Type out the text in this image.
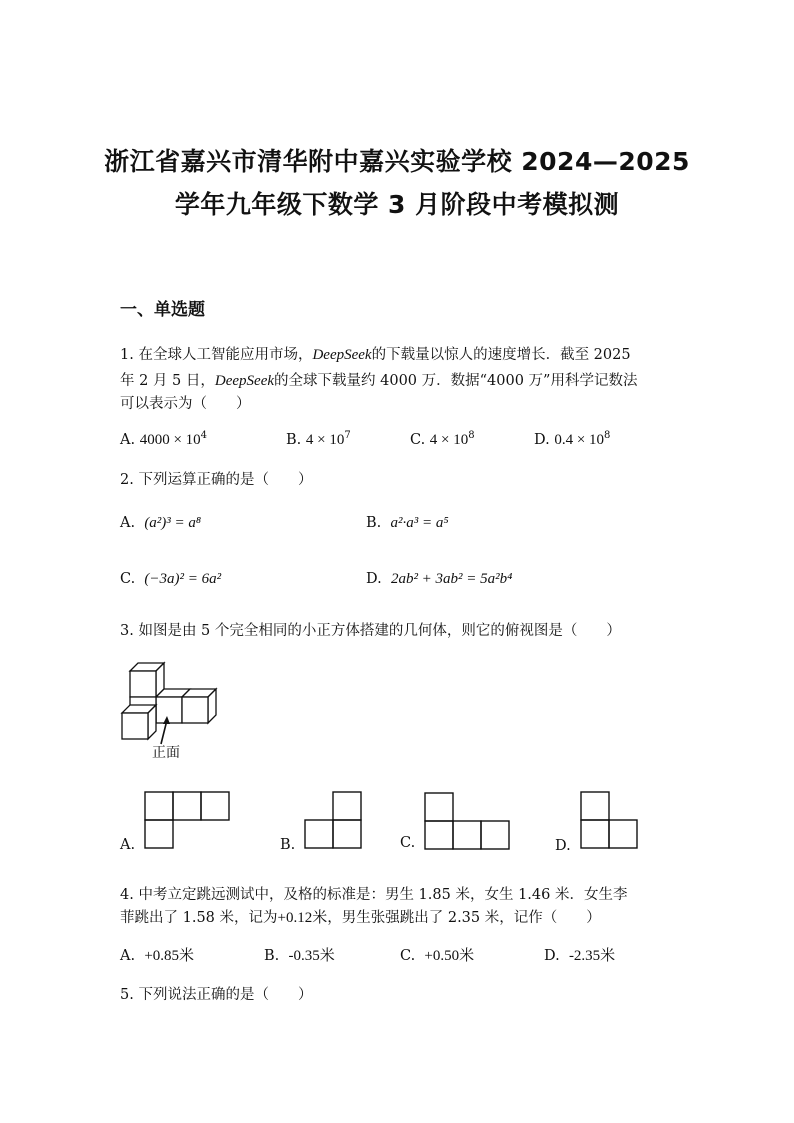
浙江省嘉兴市清华附中嘉兴实验学校 2024—2025
学年九年级下数学 3 月阶段中考模拟测
一、单选题
1. 在全球人工智能应用市场，DeepSeek的下载量以惊人的速度增长．截至 2025
年 2 月 5 日，DeepSeek的全球下载量约 4000 万．数据“4000 万”用科学记数法
可以表示为（　　）
A. $4000 \times 10^4$	B. $4 \times 10^7$	C. $4 \times 10^8$	D. $0.4 \times 10^8$
2. 下列运算正确的是（　　）
A. (a²)³ = a⁸	B. a²·a³ = a⁵
C. (−3a)² = 6a²	D. 2ab² + 3ab² = 5a²b⁴
3. 如图是由 5 个完全相同的小正方体搭建的几何体，则它的俯视图是（　　）
正面
A.	B.	C.	D.
4. 中考立定跳远测试中，及格的标准是：男生 1.85 米，女生 1.46 米．女生李
菲跳出了 1.58 米，记为+0.12米，男生张强跳出了 2.35 米，记作（　　）
A. +0.85米	B. -0.35米	C. +0.50米	D. -2.35米
5. 下列说法正确的是（　　）
